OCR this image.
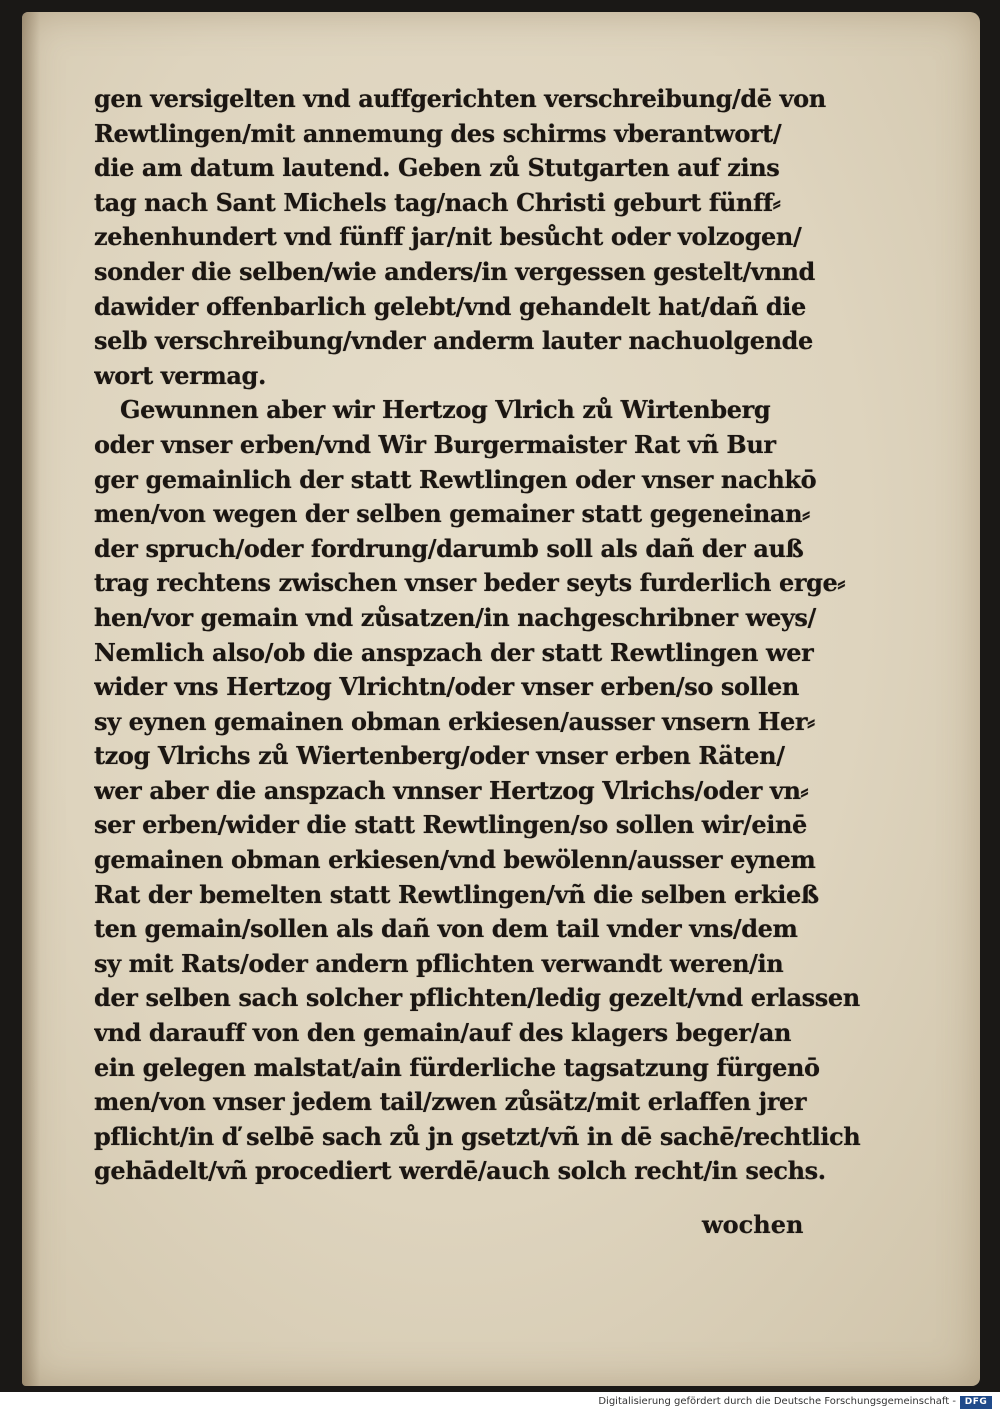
gen versigelten vnd auffgerichten verschreibung/dē von
Rewtlingen/mit annemung des schirms vberantwort/
die am datum lautend. Geben zů Stutgarten auf zins
tag nach Sant Michels tag/nach Christi geburt fünff⸗
zehenhundert vnd fünff jar/nit besůcht oder volzogen/
sonder die selben/wie anders/in vergessen gestelt/vnnd
dawider offenbarlich gelebt/vnd gehandelt hat/dañ die
selb verschreibung/vnder anderm lauter nachuolgende
wort vermag.
Gewunnen aber wir Hertzog Vlrich zů Wirtenberg
oder vnser erben/vnd Wir Burgermaister Rat vñ Bur
ger gemainlich der statt Rewtlingen oder vnser nachkō
men/von wegen der selben gemainer statt gegeneinan⸗
der spruch/oder fordrung/darumb soll als dañ der auß
trag rechtens zwischen vnser beder seyts furderlich erge⸗
hen/vor gemain vnd zůsatzen/in nachgeschribner weys/
Nemlich also/ob die anspzach der statt Rewtlingen wer
wider vns Hertzog Vlrichtn/oder vnser erben/so sollen
sy eynen gemainen obman erkiesen/ausser vnsern Her⸗
tzog Vlrichs zů Wiertenberg/oder vnser erben Räten/
wer aber die anspzach vnnser Hertzog Vlrichs/oder vn⸗
ser erben/wider die statt Rewtlingen/so sollen wir/einē
gemainen obman erkiesen/vnd bewölenn/ausser eynem
Rat der bemelten statt Rewtlingen/vñ die selben erkieß
ten gemain/sollen als dañ von dem tail vnder vns/dem
sy mit Rats/oder andern pflichten verwandt weren/in
der selben sach solcher pflichten/ledig gezelt/vnd erlassen
vnd darauff von den gemain/auf des klagers beger/an
ein gelegen malstat/ain fürderliche tagsatzung fürgenō
men/von vnser jedem tail/zwen zůsätz/mit erlaffen jrer
pflicht/in ď selbē sach zů jn gsetzt/vñ in dē sachē/rechtlich
gehādelt/vñ procediert werdē/auch solch recht/in sechs.
wochen
Digitalisierung gefördert durch die Deutsche Forschungsgemeinschaft - DFG
